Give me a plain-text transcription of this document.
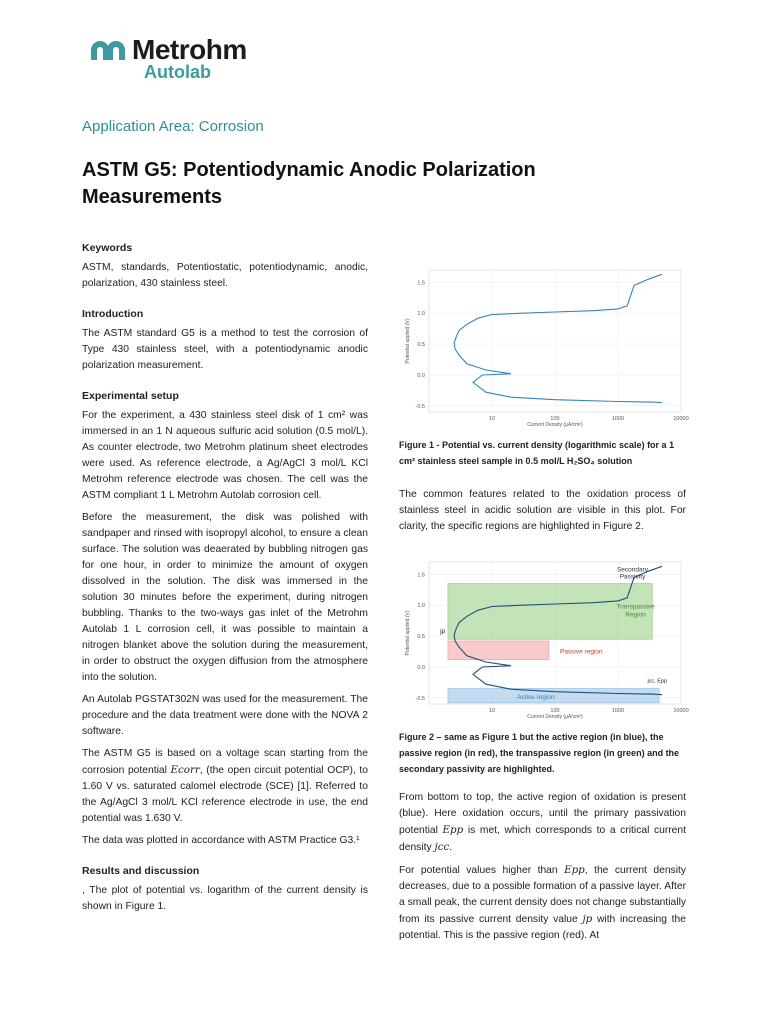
Metrohm
Autolab
Application Area: Corrosion
ASTM G5: Potentiodynamic Anodic Polarization Measurements
Keywords

ASTM, standards, Potentiostatic, potentiodynamic, anodic, polarization, 430 stainless steel.

Introduction

The ASTM standard G5 is a method to test the corrosion of Type 430 stainless steel, with a potentiodynamic anodic polarization measurement.

Experimental setup

For the experiment, a 430 stainless steel disk of 1 cm² was immersed in an 1 N aqueous sulfuric acid solution (0.5 mol/L). As counter electrode, two Metrohm platinum sheet electrodes were used. As reference electrode, a Ag/AgCl 3 mol/L KCl Metrohm reference electrode was chosen. The cell was the ASTM compliant 1 L Metrohm Autolab corrosion cell.

Before the measurement, the disk was polished with sandpaper and rinsed with isopropyl alcohol, to ensure a clean surface. The solution was deaerated by bubbling nitrogen gas for one hour, in order to minimize the amount of oxygen dissolved in the solution. The disk was immersed in the solution 30 minutes before the experiment, during nitrogen bubbling. Thanks to the two-ways gas inlet of the Metrohm Autolab 1 L corrosion cell, it was possible to maintain a nitrogen blanket above the solution during the measurement, in order to obstruct the oxygen diffusion from the atmosphere into the solution.

An Autolab PGSTAT302N was used for the measurement. The procedure and the data treatment were done with the NOVA 2 software.

The ASTM G5 is based on a voltage scan starting from the corrosion potential Ecorr, (the open circuit potential OCP), to 1.60 V vs. saturated calomel electrode (SCE) [1]. Referred to the Ag/AgCl 3 mol/L KCl reference electrode in use, the end potential was 1.630 V.

The data was plotted in accordance with ASTM Practice G3.¹

Results and discussion

, The plot of potential vs. logarithm of the current density is shown in Figure 1.

-0.5
0.0
0.5
1.0
1.5
10	100	1000	10000
Current Density (µA/cm²)
Potential applied (V)
Figure 1 - Potential vs. current density (logarithmic scale) for a 1 cm² stainless steel sample in 0.5 mol/L H₂SO₄ solution

The common features related to the oxidation process of stainless steel in acidic solution are visible in this plot. For clarity, the specific regions are highlighted in Figure 2.

-0.5
0.0
0.5
1.0
1.5
10	100	1000	10000
Current Density (µA/cm²)
Potential applied (V)
Secondary
Passivity
Transpassive
Region
Passive region
Active region
jp
jcc, Epp
Figure 2 – same as Figure 1 but the active region (in blue), the passive region (in red), the transpassive region (in green) and the secondary passivity are highlighted.

From bottom to top, the active region of oxidation is present (blue). Here oxidation occurs, until the primary passivation potential Epp is met, which corresponds to a critical current density jcc.

For potential values higher than Epp, the current density decreases, due to a possible formation of a passive layer. After a small peak, the current density does not change substantially from its passive current density value jp with increasing the potential. This is the passive region (red). At
